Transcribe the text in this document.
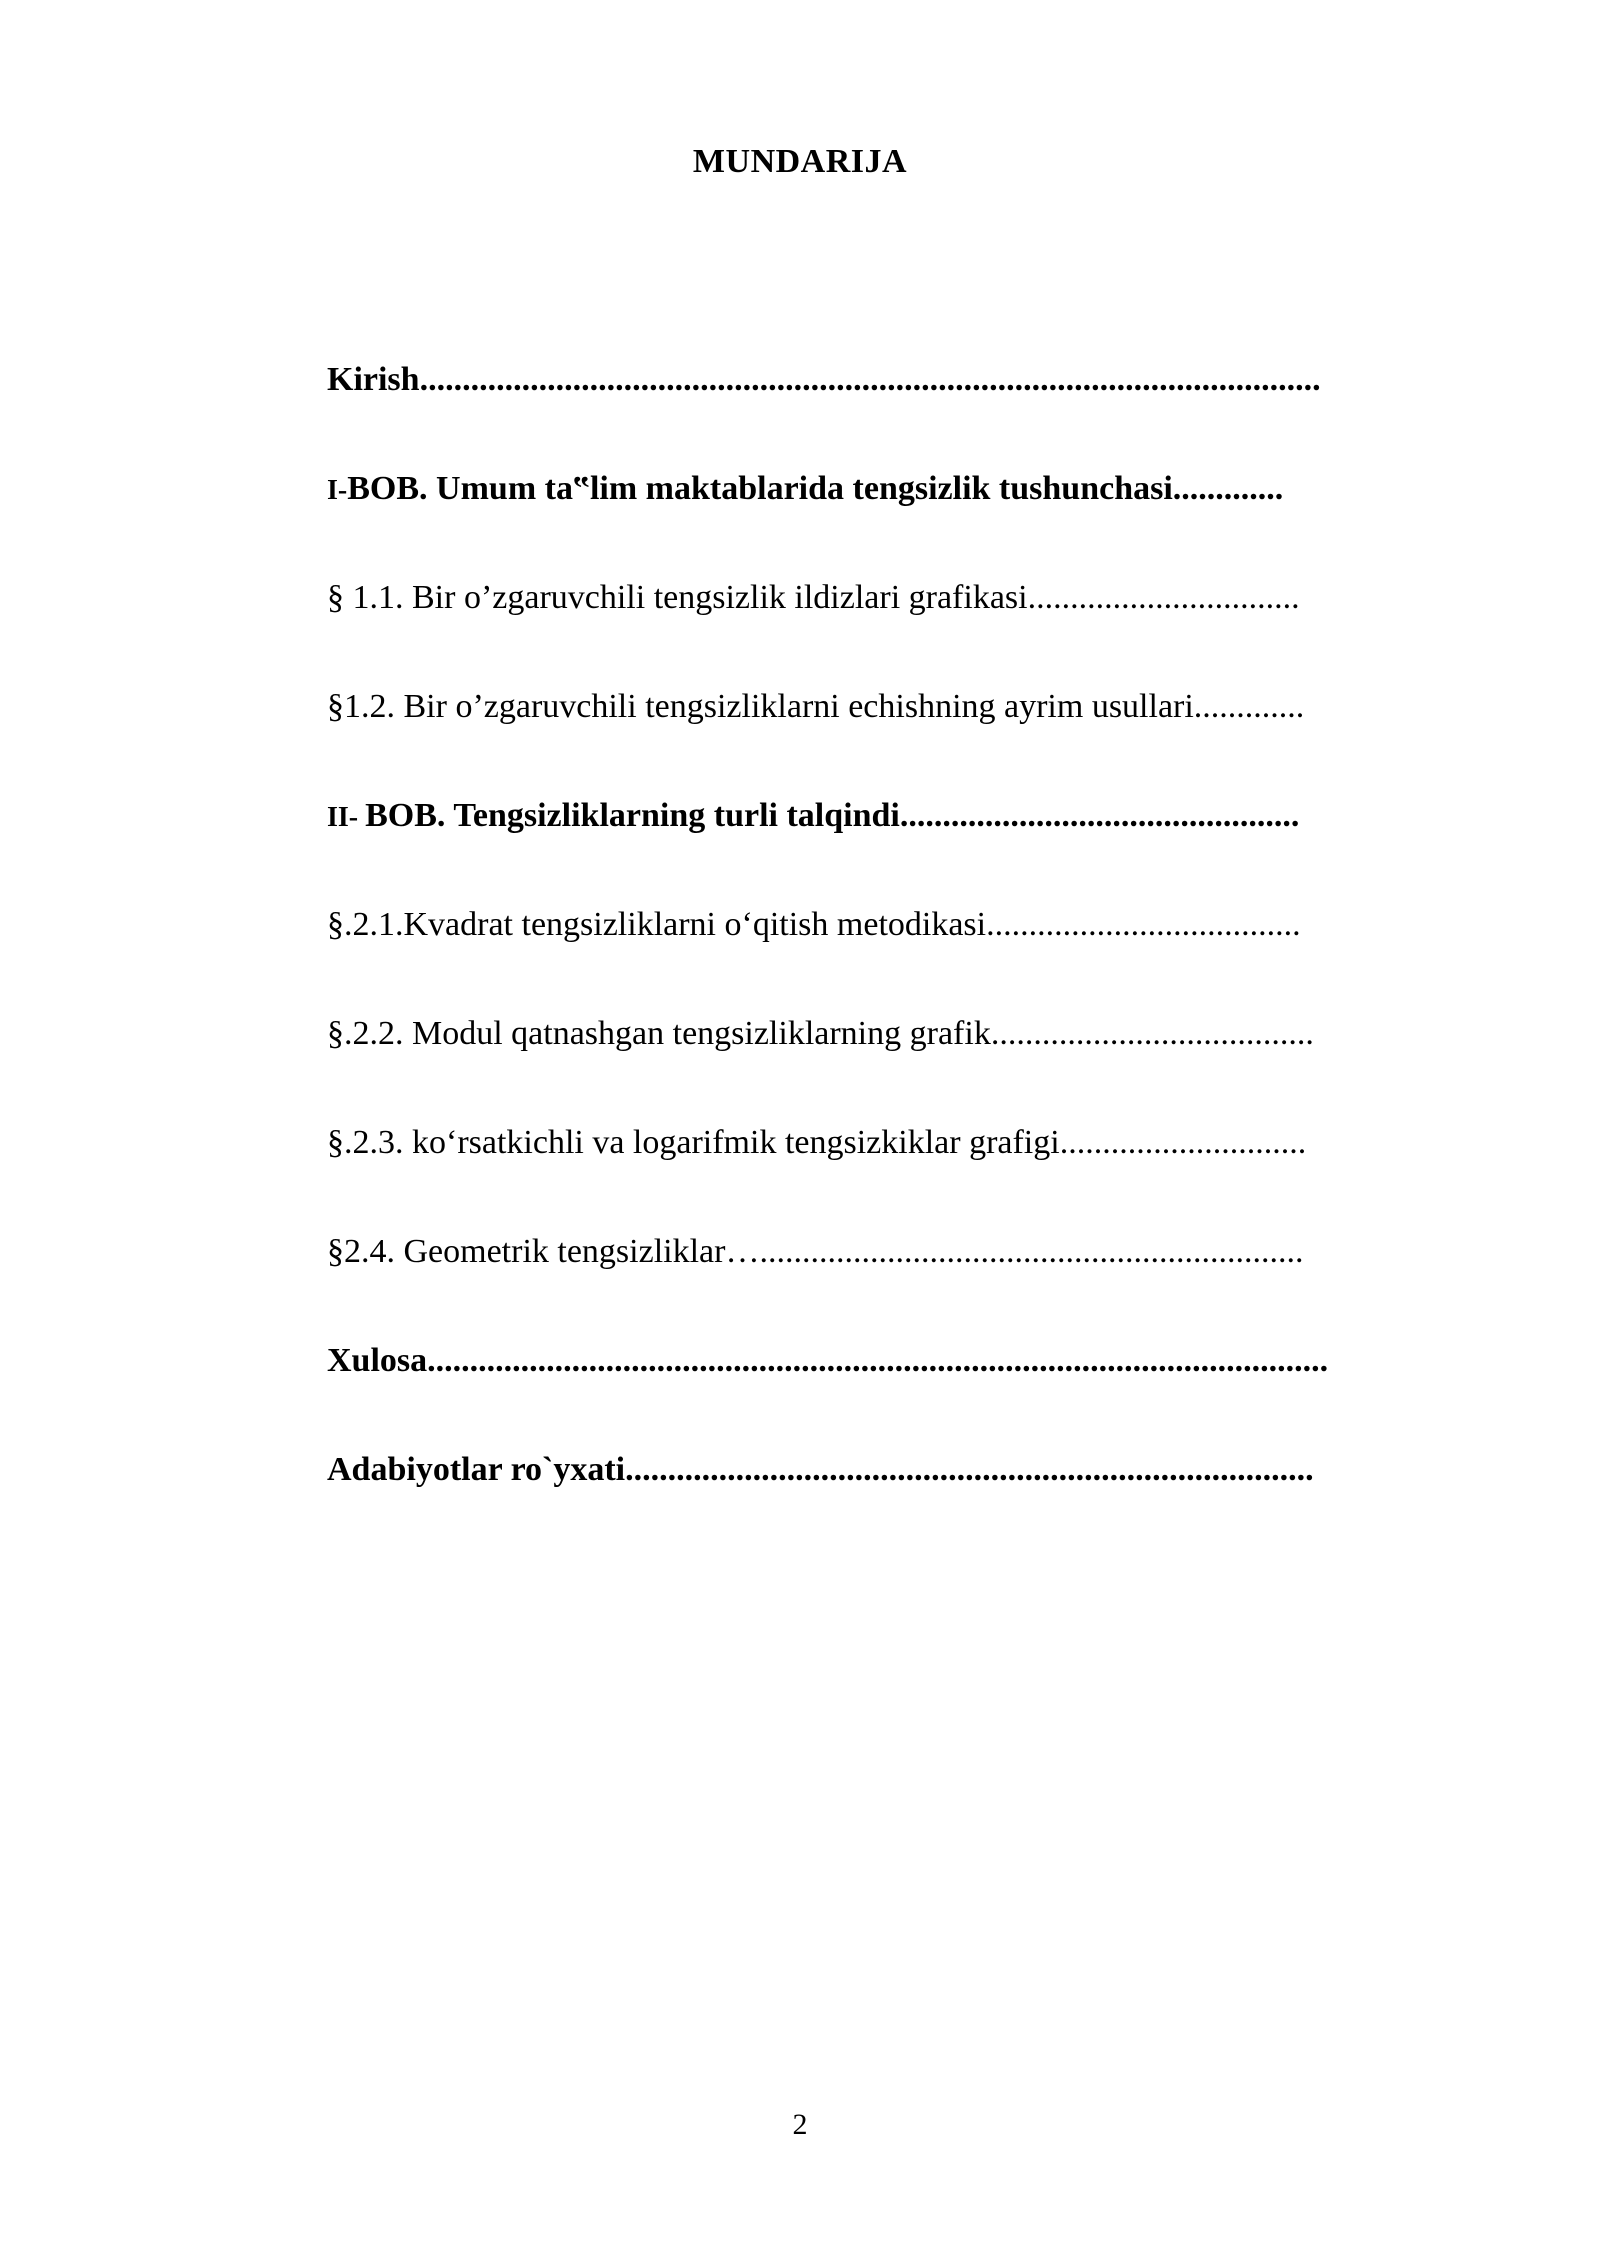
MUNDARIJA
Kirish..........................................................................................................
I-BOB. Umum ta‟lim maktablarida tengsizlik tushunchasi.............
§ 1.1. Bir o’zgaruvchili tengsizlik ildizlari grafikasi................................
§1.2. Bir o’zgaruvchili tengsizliklarni echishning ayrim usullari.............
II- BOB. Tengsizliklarning turli talqindi...............................................
§.2.1.Kvadrat tengsizliklarni o‘qitish metodikasi.....................................
§.2.2. Modul qatnashgan tengsizliklarning grafik......................................
§.2.3. ko‘rsatkichli va logarifmik tengsizkiklar grafigi.............................
§2.4. Geometrik tengsizliklar…................................................................
Xulosa..........................................................................................................
Adabiyotlar ro`yxati.................................................................................
2
